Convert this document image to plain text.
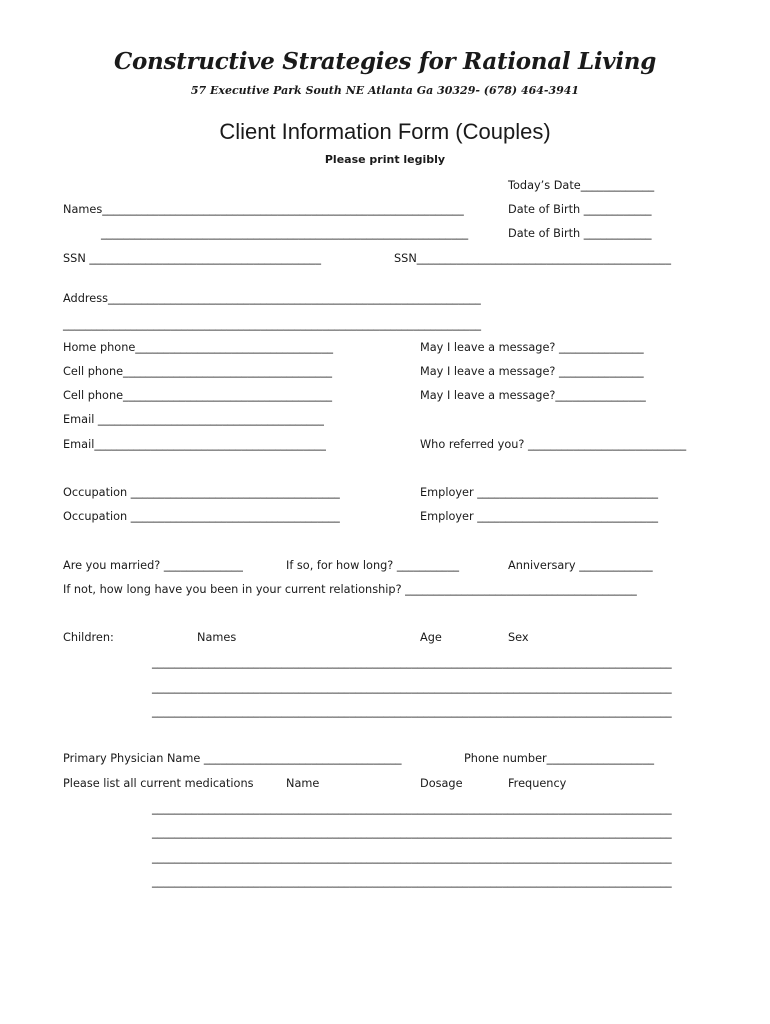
Constructive Strategies for Rational Living
57 Executive Park South NE Atlanta Ga 30329- (678) 464-3941
Client Information Form (Couples)
Please print legibly
Today’s Date_____________
Names________________________________________________________________	Date of Birth ____________
_________________________________________________________________	Date of Birth ____________
SSN _________________________________________	SSN_____________________________________________
Address__________________________________________________________________
__________________________________________________________________________
Home phone___________________________________	May I leave a message? _______________
Cell phone_____________________________________	May I leave a message? _______________
Cell phone_____________________________________	May I leave a message?________________
Email ________________________________________
Email_________________________________________	Who referred you? ____________________________
Occupation _____________________________________	Employer ________________________________
Occupation _____________________________________	Employer ________________________________
Are you married? ______________	If so, for how long? ___________	Anniversary _____________
If not, how long have you been in your current relationship? _________________________________________
Children:	Names	Age	Sex
____________________________________________________________________________________________
____________________________________________________________________________________________
____________________________________________________________________________________________
Primary Physician Name ___________________________________	Phone number___________________
Please list all current medications	Name	Dosage	Frequency
____________________________________________________________________________________________
____________________________________________________________________________________________
____________________________________________________________________________________________
____________________________________________________________________________________________
